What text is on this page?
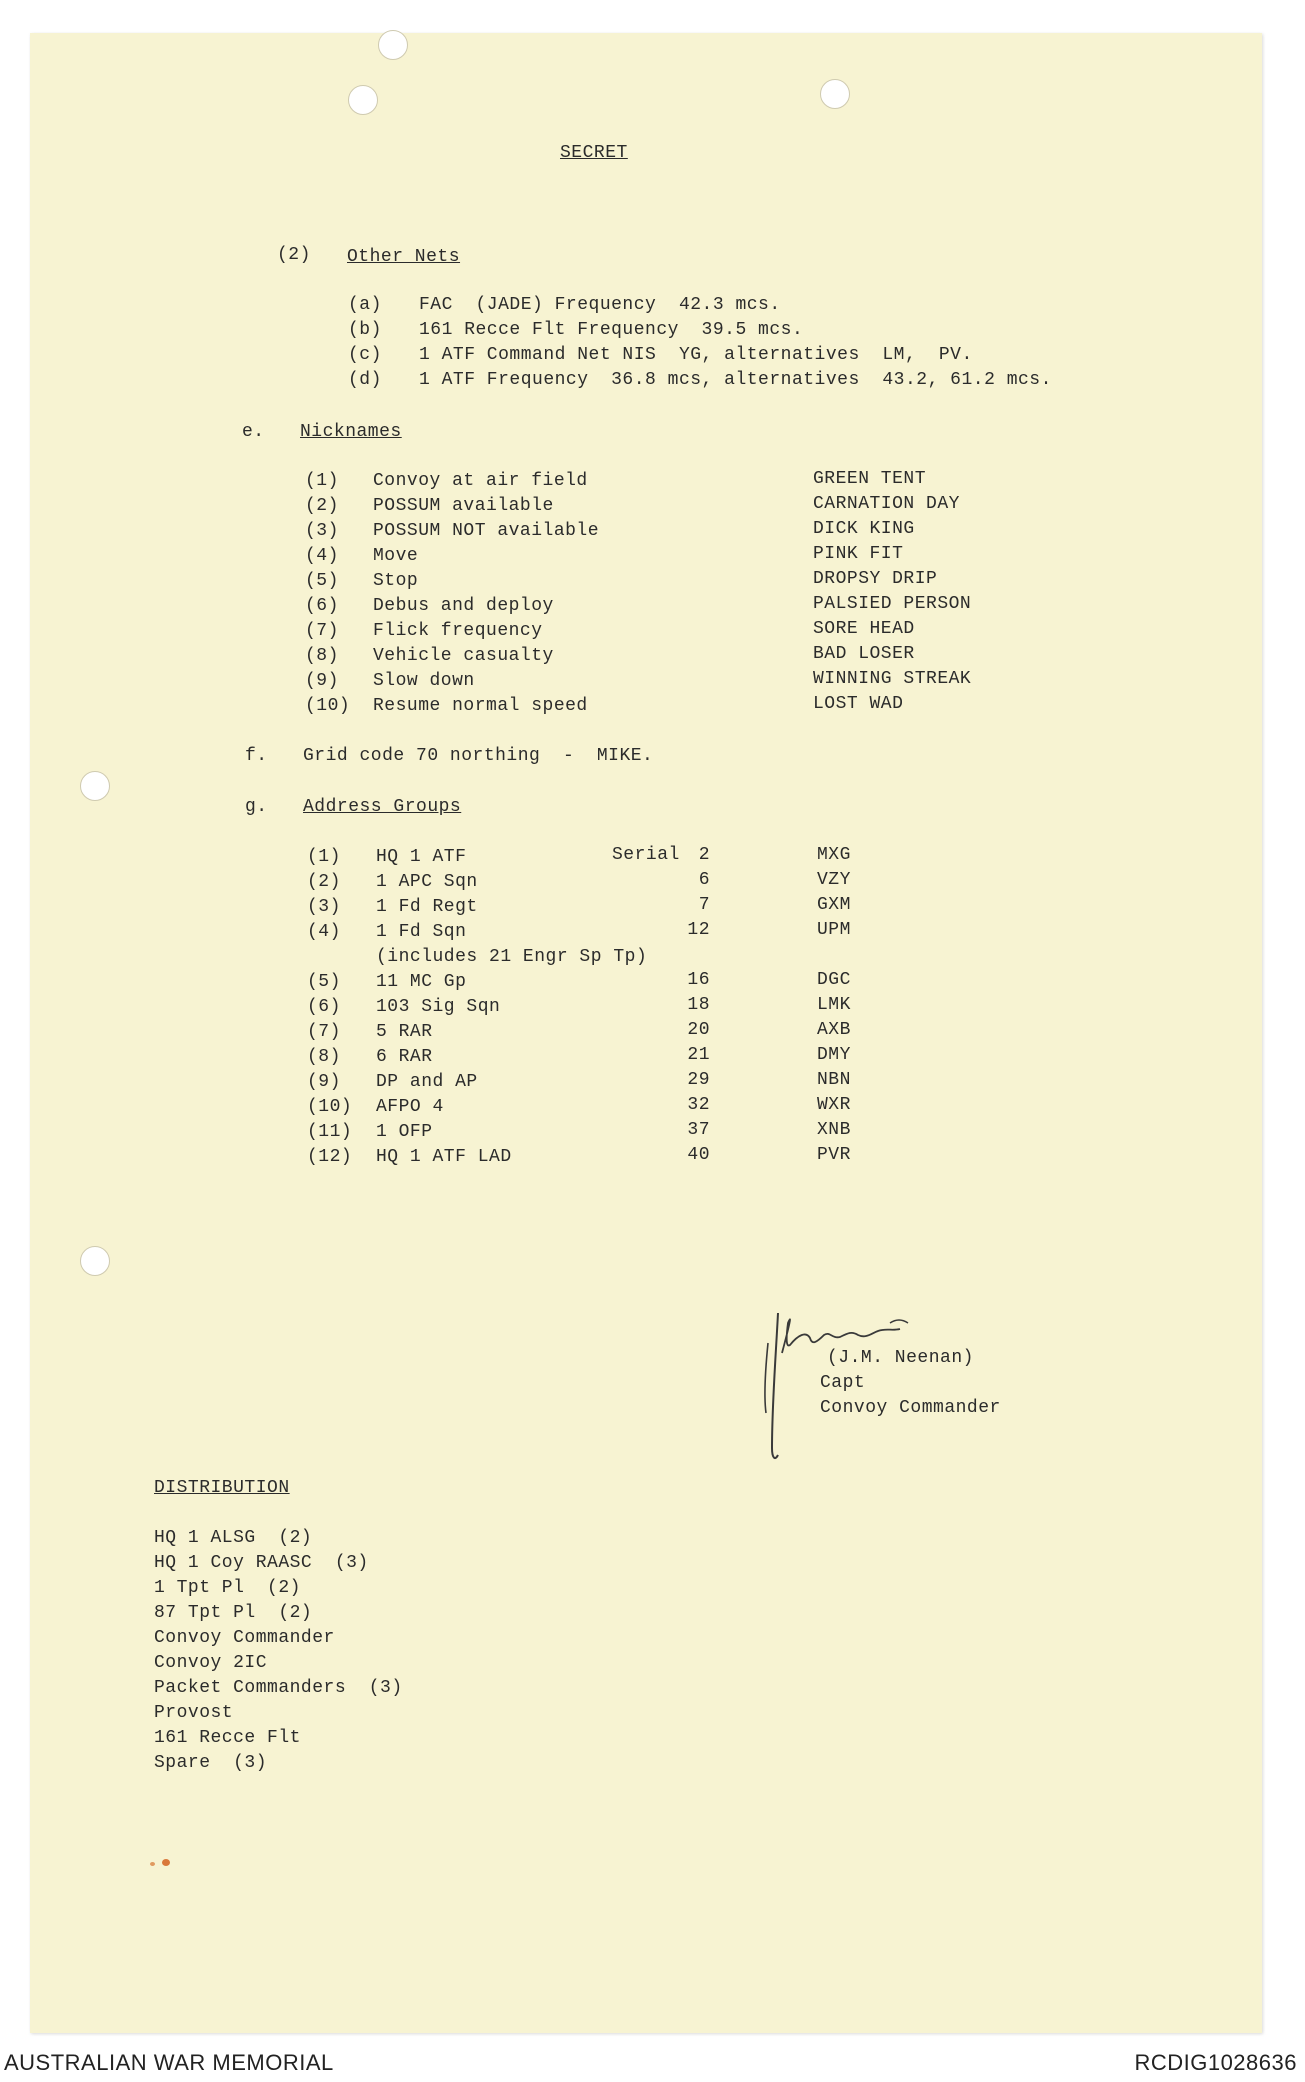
SECRET
(2) Other Nets
(a) FAC  (JADE) Frequency  42.3 mcs.
(b) 161 Recce Flt Frequency  39.5 mcs.
(c) 1 ATF Command Net NIS  YG, alternatives  LM,  PV.
(d) 1 ATF Frequency  36.8 mcs, alternatives  43.2, 61.2 mcs.
e. Nicknames
(1) Convoy at air field	GREEN TENT
(2) POSSUM available	CARNATION DAY
(3) POSSUM NOT available	DICK KING
(4) Move	PINK FIT
(5) Stop	DROPSY DRIP
(6) Debus and deploy	PALSIED PERSON
(7) Flick frequency	SORE HEAD
(8) Vehicle casualty	BAD LOSER
(9) Slow down	WINNING STREAK
(10) Resume normal speed	LOST WAD
f. Grid code 70 northing  -  MIKE.
g. Address Groups
Serial
(1) HQ 1 ATF	2	MXG
(2) 1 APC Sqn	6	VZY
(3) 1 Fd Regt	7	GXM
(4) 1 Fd Sqn	12	UPM
(includes 21 Engr Sp Tp)
(5) 11 MC Gp	16	DGC
(6) 103 Sig Sqn	18	LMK
(7) 5 RAR	20	AXB
(8) 6 RAR	21	DMY
(9) DP and AP	29	NBN
(10) AFPO 4	32	WXR
(11) 1 OFP	37	XNB
(12) HQ 1 ATF LAD	40	PVR
(J.M. Neenan)
Capt
Convoy Commander
DISTRIBUTION
HQ 1 ALSG  (2)
HQ 1 Coy RAASC  (3)
1 Tpt Pl  (2)
87 Tpt Pl  (2)
Convoy Commander
Convoy 2IC
Packet Commanders  (3)
Provost
161 Recce Flt
Spare  (3)
AUSTRALIAN WAR MEMORIAL	RCDIG1028636
